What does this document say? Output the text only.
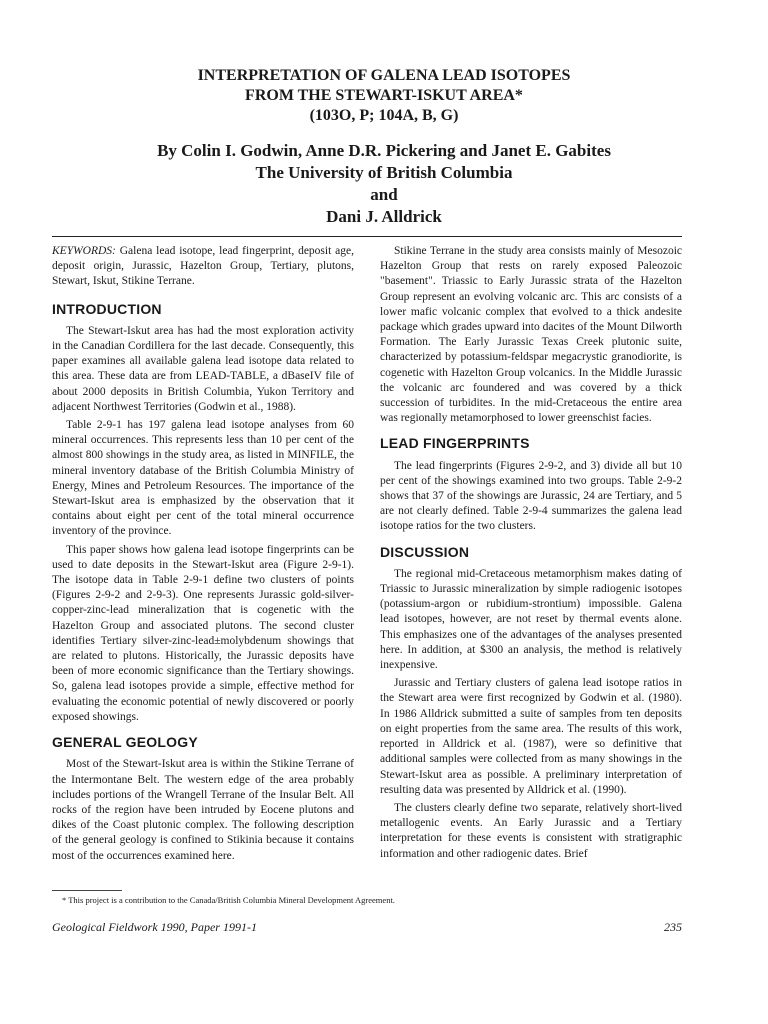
INTERPRETATION OF GALENA LEAD ISOTOPES
FROM THE STEWART-ISKUT AREA*
(103O, P; 104A, B, G)
By Colin I. Godwin, Anne D.R. Pickering and Janet E. Gabites
The University of British Columbia
and
Dani J. Alldrick

KEYWORDS: Galena lead isotope, lead fingerprint, deposit age, deposit origin, Jurassic, Hazelton Group, Tertiary, plutons, Stewart, Iskut, Stikine Terrane.

INTRODUCTION

The Stewart-Iskut area has had the most exploration activity in the Canadian Cordillera for the last decade. Consequently, this paper examines all available galena lead isotope data related to this area. These data are from LEAD-TABLE, a dBaseIV file of about 2000 deposits in British Columbia, Yukon Territory and adjacent Northwest Territories (Godwin et al., 1988).

Table 2-9-1 has 197 galena lead isotope analyses from 60 mineral occurrences. This represents less than 10 per cent of the almost 800 showings in the study area, as listed in MINFILE, the mineral inventory database of the British Columbia Ministry of Energy, Mines and Petroleum Resources. The importance of the Stewart-Iskut area is emphasized by the observation that it contains about eight per cent of the total mineral occurrence inventory of the province.

This paper shows how galena lead isotope fingerprints can be used to date deposits in the Stewart-Iskut area (Figure 2-9-1). The isotope data in Table 2-9-1 define two clusters of points (Figures 2-9-2 and 2-9-3). One represents Jurassic gold-silver-copper-zinc-lead mineralization that is cogenetic with the Hazelton Group and associated plutons. The second cluster identifies Tertiary silver-zinc-lead±molybdenum showings that are related to plutons. Historically, the Jurassic deposits have been of more economic significance than the Tertiary showings. So, galena lead isotopes provide a simple, effective method for evaluating the economic potential of newly discovered or poorly exposed showings.

GENERAL GEOLOGY

Most of the Stewart-Iskut area is within the Stikine Terrane of the Intermontane Belt. The western edge of the area probably includes portions of the Wrangell Terrane of the Insular Belt. All rocks of the region have been intruded by Eocene plutons and dikes of the Coast plutonic complex. The following description of the general geology is confined to Stikinia because it contains most of the occurrences examined here.

Stikine Terrane in the study area consists mainly of Mesozoic Hazelton Group that rests on rarely exposed Paleozoic "basement". Triassic to Early Jurassic strata of the Hazelton Group represent an evolving volcanic arc. This arc consists of a lower mafic volcanic complex that evolved to a thick andesite package which grades upward into dacites of the Mount Dilworth Formation. The Early Jurassic Texas Creek plutonic suite, characterized by potassium-feldspar megacrystic granodiorite, is cogenetic with Hazelton Group volcanics. In the Middle Jurassic the volcanic arc foundered and was covered by a thick succession of turbidites. In the mid-Cretaceous the entire area was regionally metamorphosed to lower greenschist facies.

LEAD FINGERPRINTS

The lead fingerprints (Figures 2-9-2, and 3) divide all but 10 per cent of the showings examined into two groups. Table 2-9-2 shows that 37 of the showings are Jurassic, 24 are Tertiary, and 5 are not clearly defined. Table 2-9-4 summarizes the galena lead isotope ratios for the two clusters.

DISCUSSION

The regional mid-Cretaceous metamorphism makes dating of Triassic to Jurassic mineralization by simple radiogenic isotopes (potassium-argon or rubidium-strontium) impossible. Galena lead isotopes, however, are not reset by thermal events alone. This emphasizes one of the advantages of the analyses presented here. In addition, at $300 an analysis, the method is relatively inexpensive.

Jurassic and Tertiary clusters of galena lead isotope ratios in the Stewart area were first recognized by Godwin et al. (1980). In 1986 Alldrick submitted a suite of samples from ten deposits on eight properties from the same area. The results of this work, reported in Alldrick et al. (1987), were so definitive that additional samples were collected from as many showings in the Stewart-Iskut area as possible. A preliminary interpretation of resulting data was presented by Alldrick et al. (1990).

The clusters clearly define two separate, relatively short-lived metallogenic events. An Early Jurassic and a Tertiary interpretation for these events is consistent with stratigraphic information and other radiogenic dates. Brief

* This project is a contribution to the Canada/British Columbia Mineral Development Agreement.
Geological Fieldwork 1990, Paper 1991-1	235
